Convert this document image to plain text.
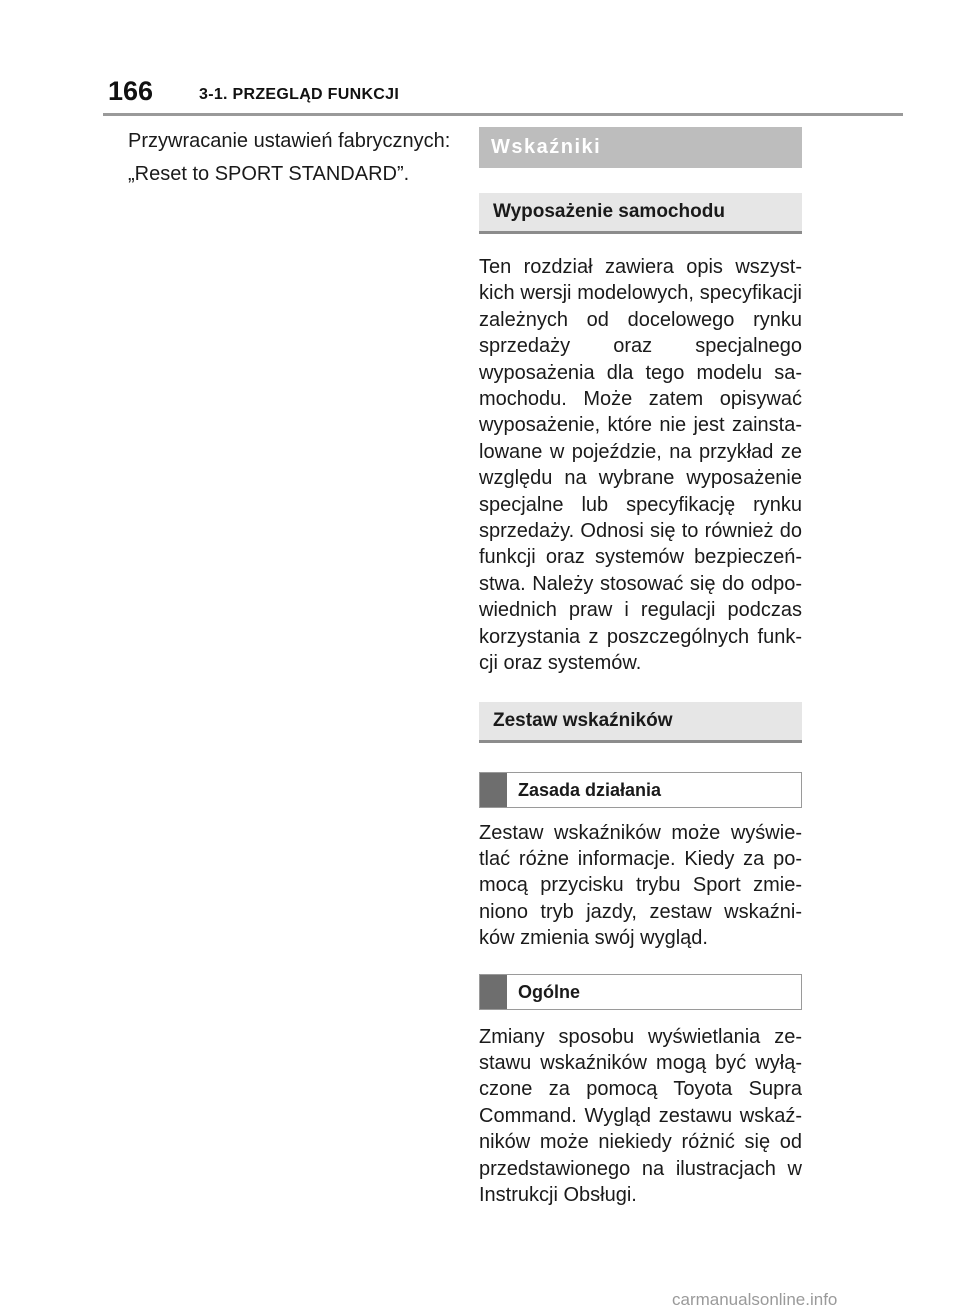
166	3-1. PRZEGLĄD FUNKCJI

Przywracanie ustawień fabrycznych:

„Reset to SPORT STANDARD”.

Wskaźniki
Wyposażenie samochodu

Ten rozdział zawiera opis wszystkich wersji modelowych, specyfikacji zależnych od docelowego rynku sprzedaży oraz specjalnego wyposażenia dla tego modelu samochodu. Może zatem opisywać wyposażenie, które nie jest zainstalowane w pojeździe, na przykład ze względu na wybrane wyposażenie specjalne lub specyfikację rynku sprzedaży. Odnosi się to również do funkcji oraz systemów bezpieczeństwa. Należy stosować się do odpowiednich praw i regulacji podczas korzystania z poszczególnych funkcji oraz systemów.

Zestaw wskaźników
Zasada działania

Zestaw wskaźników może wyświetlać różne informacje. Kiedy za pomocą przycisku trybu Sport zmieniono tryb jazdy, zestaw wskaźników zmienia swój wygląd.

Ogólne

Zmiany sposobu wyświetlania zestawu wskaźników mogą być wyłączone za pomocą Toyota Supra Command. Wygląd zestawu wskaźników może niekiedy różnić się od przedstawionego na ilustracjach w Instrukcji Obsługi.

carmanualsonline.info
